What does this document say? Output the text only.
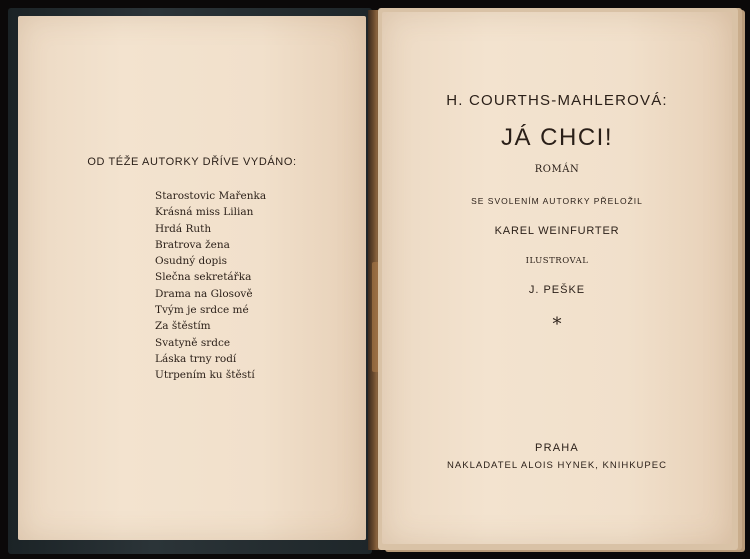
OD TÉŽE AUTORKY DŘÍVE VYDÁNO:
Starostovic Mařenka
Krásná miss Lilian
Hrdá Ruth
Bratrova žena
Osudný dopis
Slečna sekretářka
Drama na Glosově
Tvým je srdce mé
Za štěstím
Svatyně srdce
Láska trny rodí
Utrpením ku štěstí
H. COURTHS-MAHLEROVÁ:
JÁ CHCI!
ROMÁN
SE SVOLENÍM AUTORKY PŘELOŽIL
KAREL WEINFURTER
ILUSTROVAL
J. PEŠKE
*
PRAHA
NAKLADATEL ALOIS HYNEK, KNIHKUPEC
